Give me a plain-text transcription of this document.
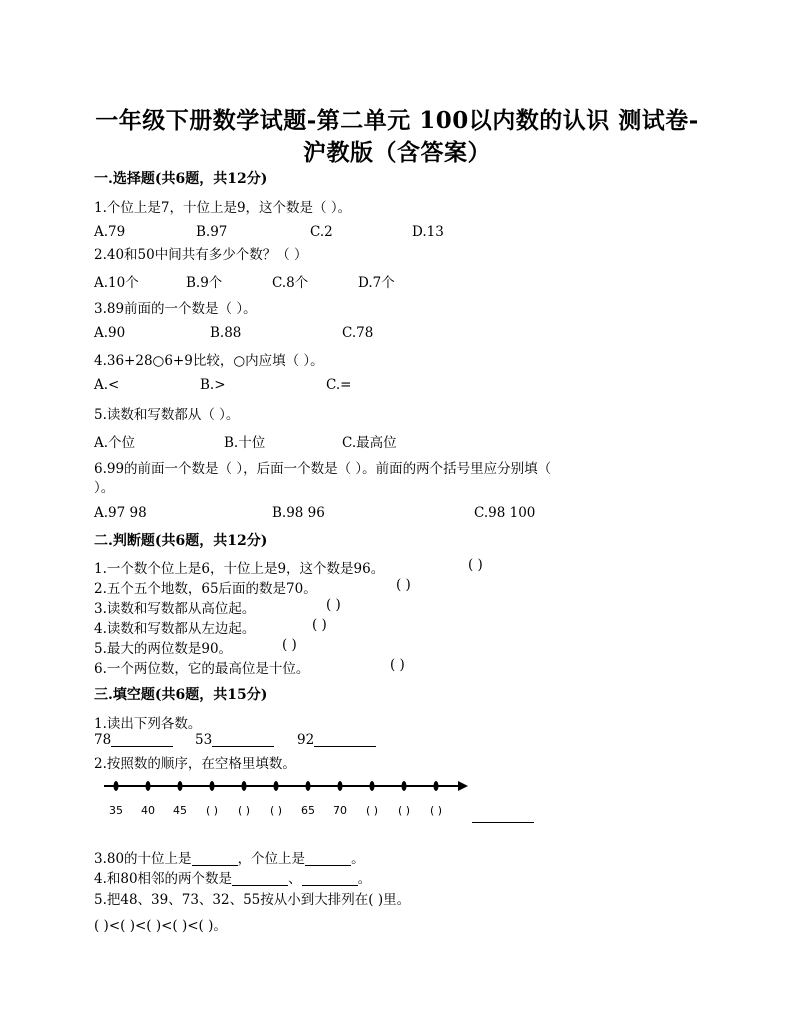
一年级下册数学试题-第二单元 100以内数的认识 测试卷-
沪教版（含答案）
一.选择题(共6题，共12分)
1.个位上是7，十位上是9，这个数是（ ）。
A.79	B.97	C.2	D.13
2.40和50中间共有多少个数？（ ）
A.10个	B.9个	C.8个	D.7个
3.89前面的一个数是（ ）。
A.90	B.88	C.78
4.36+28○6+9比较，○内应填（ ）。
A.<	B.>	C.=
5.读数和写数都从（ ）。
A.个位	B.十位	C.最高位
6.99的前面一个数是（ ），后面一个数是（ ）。前面的两个括号里应分别填（
）。
A.97 98	B.98 96	C.98 100
二.判断题(共6题，共12分)
1.一个数个位上是6，十位上是9，这个数是96。	( )
2.五个五个地数，65后面的数是70。	( )
3.读数和写数都从高位起。	( )
4.读数和写数都从左边起。	( )
5.最大的两位数是90。	( )
6.一个两位数，它的最高位是十位。	( )
三.填空题(共6题，共15分)
1.读出下列各数。
78	53	92
2.按照数的顺序，在空格里填数。
35 40 45 ( ) ( ) ( ) 65 70 ( ) ( ) ( )
3.80的十位上是	，个位上是	。
4.和80相邻的两个数是	、	。
5.把48、39、73、32、55按从小到大排列在( )里。
( )<( )<( )<( )<( )。
